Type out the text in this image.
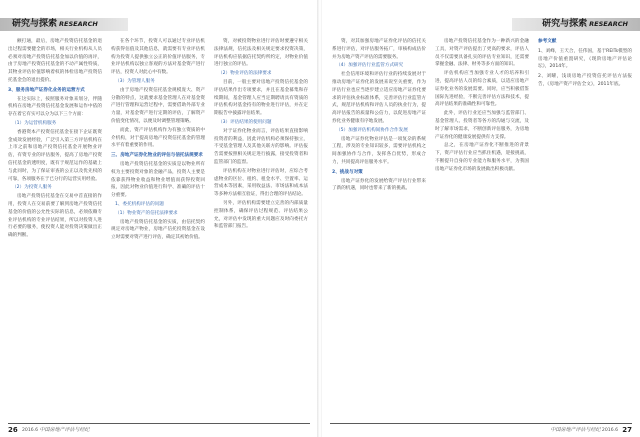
研究与探索 RESEARCH

额打通，最后，房地产投资信托基金的退出过程需要健全的市场，相关行业机构从人员必须对房地产投资信托基金加以价值的再评，由于房地产投资信托基金的不动产属性特质，其物业评估价值影响着权的体检房地产投资信托基金会的退出提价。

3、服务房地产证券化业务的运营方式

在这实际上，按照服务对象来划分，伴随机构在房地产投资信托基金发展和运作中依的存在着它有实可以分为以下三个方面：

（1）为运营机构服务

香港资本产投资信托基金在接下企证既资金成效发展经验，广泛引入第三方评估机构在上市之前和房地产投资信托基金开展物业评估，有资专业的评估服务，提高了房地产投资信托基金的透明度，既有于规范运作的基础上与此同时，为了保证审查的公正以及优先权的可靠，各项服务在于已分行的运营实用经验。

（2）为投资人服务

房地产投资信托基金在交易中首直接的作用，投资人在交易前要了解到房地产投资信托基金的价值的公允性实际的信息，必须依赖专业评估机构的专业评估结果，所以对投资人进行必要的服务，使投资人能对投资决策做出正确的判断。

在各个环节，投资人可以通过专业评估机构获得估值及其他信息，就需要有专业评估机构为投资人提供独立公正的价值评估服务，专业评估机构以独立客观的方法对基金资产进行评估，投资人对此心中有数。

（3）为管理人服务

由于房地产投资信托基金规模庞大、资产分散的特点，这就要求基金管理人在对基金资产进行管理和运营过程中，需要借助外部专业力量，对基金资产进行定期的评估，了解资产价值变化情况，以便及时调整管理策略。

而此，资产评估机构作为有独立资质的中介机构，对于提高房地产投资信托基金的管理水平有着重要的作用。

三、房地产证券化物业的评估与信托法规要求

房地产投资信托基金的实质是以物业所有权为主要投资对象的金融产品，投资人主要是依靠获得物业收益和物业增值而获得投资回报，因此对物业价值进行科学、准确的评估十分重要。

1、委托机构评估的问题
（1）物业资产的信托法律要求

房地产投资信托基金的实质，由信托契约规定对房地产物业，房地产信托投资基金在设立时需要对资产进行评估，确定其初始价值。

资，对被投资物业进行评估时要遵守相关法律法规，信托法及相关规定要求投资决策，评估机构应依据信托契约所约定，对物业价值进行独立的评估。

（2）物业评估的法律要求

目前，一般主要对房地产投资信托基金的评估结果作出专项要求，并且在基金募集和存续期间，基金管理人应当定期聘请具有资质的评估机构对基金持有的物业进行评估，并在定期报告中披露评估结果。

（3）评估结果的使用问题

对于证券化物业而言，评估结果直接影响投资者的利益，因此评估机构必须保持独立，不受基金管理人及其他关联方的影响。评估报告需要按照相关规定进行披露，接受投资者和监管部门的监督。

评估机构在对物业进行评估时，应综合考虑物业的区位、租约、租金水平、空置率、运营成本等因素，采用收益法、市场法和成本法等多种方法相互验证，得出合理的评估结论。

另外，评估机构需要建立完善的内部质量控制体系，确保评估过程规范、评估结果公允，对评估中发现的重大问题应及时向委托方和监管部门报告。

26 2016.6 中国房地产评估与经纪
研究与探索 RESEARCH

资，对其加强房地产证券化评估的信托关系进行评估，对评估服务拓广，审核构成估价并为房地产资产评估的需要服务。

（4）加强评估行业监管方式研究

社会信用环境和评估行业的持续发展对于推动房地产证券化的发展来说至关重要，作为评估行业也应当逐步建立适应房地产证券化要求的评估执业标准体系，完善评估行业监管方式，规范评估机构和评估人员的执业行为，提高评估报告的质量和公信力，以促进房地产证券化业务健康有序地发展。

（5）加强评估机构间协作合作发展

房地产证券化物业评估是一项复杂的系统工程，涉及的专业知识较多，需要评估机构之间加强协作与合作，发挥各自优势，形成合力，共同提高评估服务水平。

2、挑战与对策

房地产证券化的发展给资产评估行业带来了新的机遇，同时也带来了新的挑战。

房地产投资信托基金作为一种新兴的金融工具，对资产评估提出了更高的要求，评估人员不仅需要具备扎实的评估专业知识，还需要掌握金融、法律、财务等多方面的知识。

评估机构应当加强专业人才的培养和引进，提高评估人员的综合素质，以适应房地产证券化业务的发展需要。同时，应当积极借鉴国际先进经验，不断完善评估方法和技术，提高评估结果的准确性和可靠性。

此外，评估行业还应当加强与监管部门、基金管理人、投资者等各方的沟通与交流，及时了解市场需求，不断创新评估服务，为房地产证券化的健康发展提供有力支撑。

总之，在房地产证券化不断推进的背景下，资产评估行业应当抓住机遇，迎接挑战，不断提升自身的专业能力和服务水平，为我国房地产证券化市场的发展做出积极贡献。

参考文献

1、刘峰，王天合，任伟国，基于REITs模型的房地产价值重置研究，《现阶房地产评估论坛》，2014年。

2、刘曜，浅谈房地产投资信托评估方法报告，《房地产资产评估全文》，2011年底。

中国房地产评估与经纪 2016.6 27
